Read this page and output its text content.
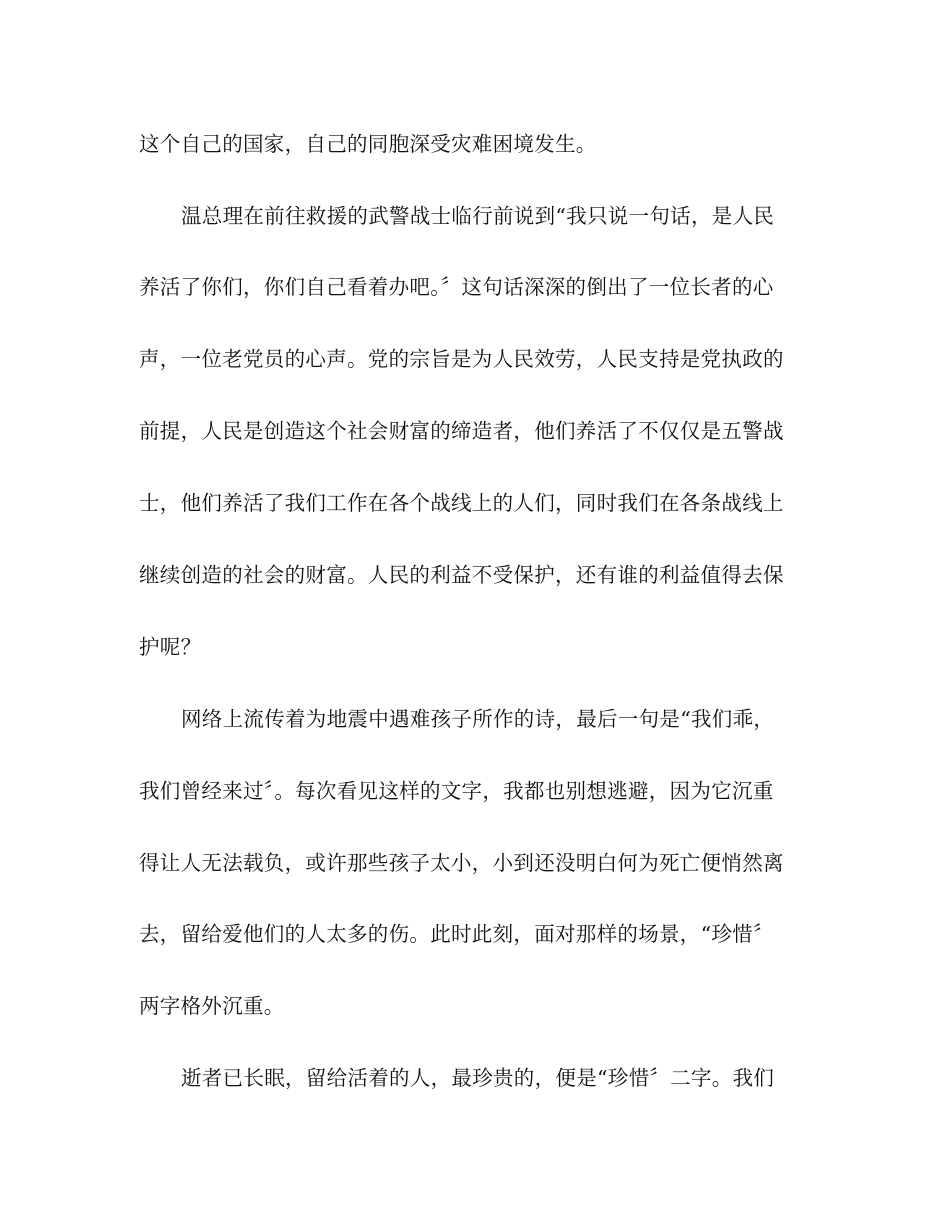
这个自己的国家，自己的同胞深受灾难困境发生。
温总理在前往救援的武警战士临行前说到“我只说一句话，是人民
养活了你们，你们自己看着办吧。〞这句话深深的倒出了一位长者的心
声，一位老党员的心声。党的宗旨是为人民效劳，人民支持是党执政的
前提，人民是创造这个社会财富的缔造者，他们养活了不仅仅是五警战
士，他们养活了我们工作在各个战线上的人们，同时我们在各条战线上
继续创造的社会的财富。人民的利益不受保护，还有谁的利益值得去保
护呢？
网络上流传着为地震中遇难孩子所作的诗，最后一句是“我们乖，
我们曾经来过〞。每次看见这样的文字，我都也别想逃避，因为它沉重
得让人无法载负，或许那些孩子太小，小到还没明白何为死亡便悄然离
去，留给爱他们的人太多的伤。此时此刻，面对那样的场景，“珍惜〞
两字格外沉重。
逝者已长眠，留给活着的人，最珍贵的，便是“珍惜〞二字。我们
